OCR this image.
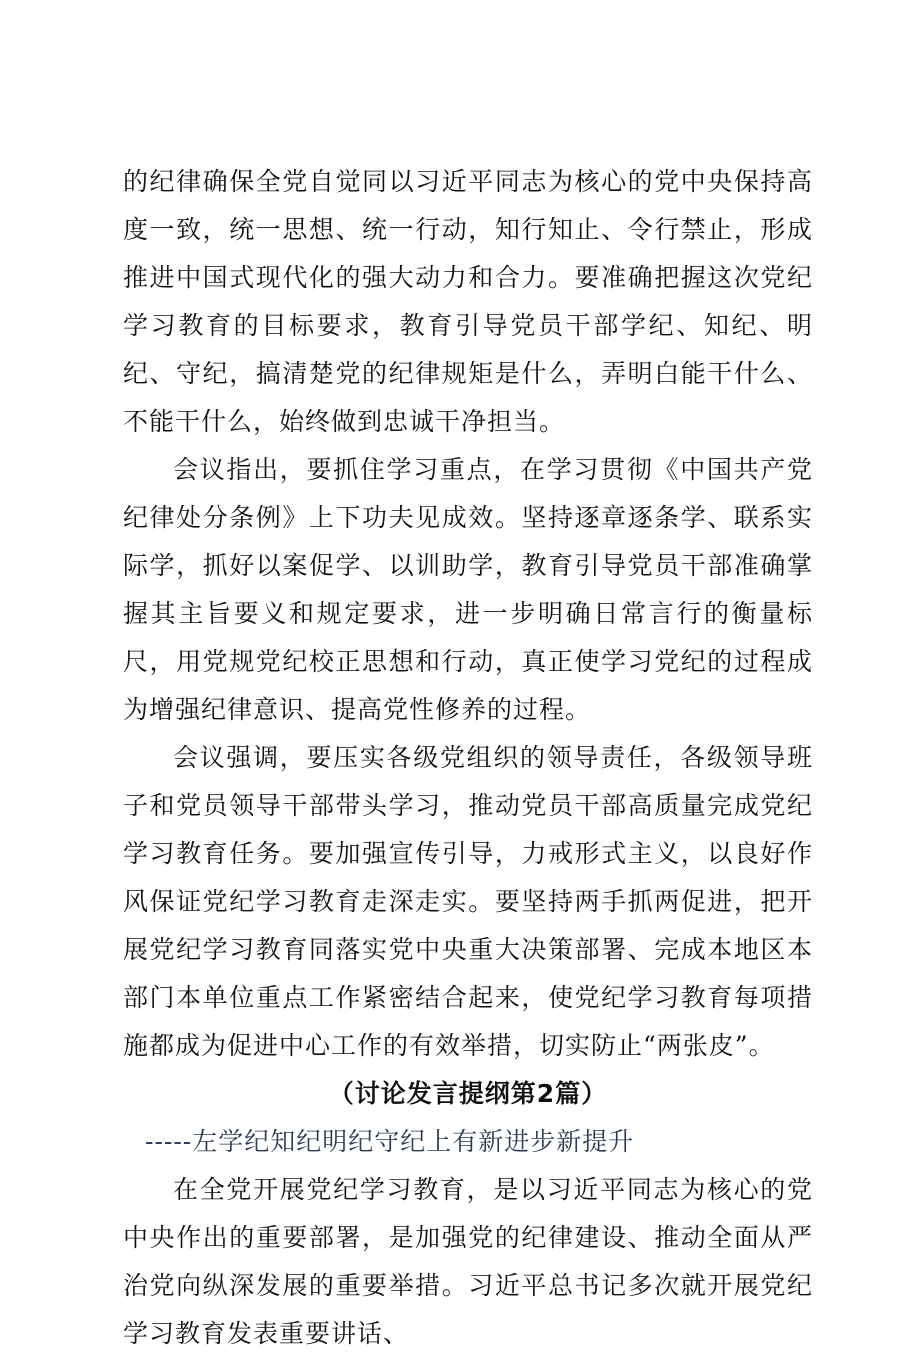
的纪律确保全党自觉同以习近平同志为核心的党中央保持高度一致，统一思想、统一行动，知行知止、令行禁止，形成推进中国式现代化的强大动力和合力。要准确把握这次党纪学习教育的目标要求，教育引导党员干部学纪、知纪、明纪、守纪，搞清楚党的纪律规矩是什么，弄明白能干什么、不能干什么，始终做到忠诚干净担当。

会议指出，要抓住学习重点，在学习贯彻《中国共产党纪律处分条例》上下功夫见成效。坚持逐章逐条学、联系实际学，抓好以案促学、以训助学，教育引导党员干部准确掌握其主旨要义和规定要求，进一步明确日常言行的衡量标尺，用党规党纪校正思想和行动，真正使学习党纪的过程成为增强纪律意识、提高党性修养的过程。

会议强调，要压实各级党组织的领导责任，各级领导班子和党员领导干部带头学习，推动党员干部高质量完成党纪学习教育任务。要加强宣传引导，力戒形式主义，以良好作风保证党纪学习教育走深走实。要坚持两手抓两促进，把开展党纪学习教育同落实党中央重大决策部署、完成本地区本部门本单位重点工作紧密结合起来，使党纪学习教育每项措施都成为促进中心工作的有效举措，切实防止“两张皮”。

（讨论发言提纲第2篇）

-----左学纪知纪明纪守纪上有新进步新提升

在全党开展党纪学习教育，是以习近平同志为核心的党中央作出的重要部署，是加强党的纪律建设、推动全面从严治党向纵深发展的重要举措。习近平总书记多次就开展党纪学习教育发表重要讲话、
